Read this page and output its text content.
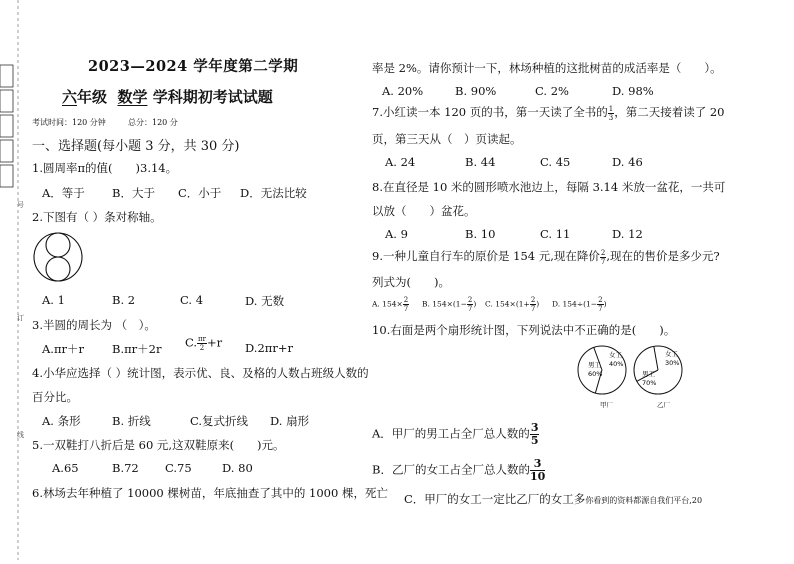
号
订
线
2023—2024 学年度第二学期
六年级 数学 学科期初考试试题
考试时间：120 分钟	总分：120 分
一、选择题(每小题 3 分，共 30 分)
1.圆周率π的值(　　)3.14。
A．等于 B．大于 C．小于 D．无法比较
2.下图有（ ）条对称轴。
A. 1	B. 2	C. 4	D. 无数
3.半圆的周长为 （　）。
A.πr＋r B.πr＋2r C. $\frac{\pi r}{2} +r$ D.2πr+r
4.小华应选择（ ）统计图，表示优、良、及格的人数占班级人数的
百分比。
A. 条形	B. 折线	C.复式折线 D. 扇形
5.一双鞋打八折后是 60 元,这双鞋原来(　　)元。
A.65	B.72 C.75	D. 80
6.林场去年种植了 10000 棵树苗，年底抽查了其中的 1000 棵，死亡
率是 2%。请你预计一下，林场种植的这批树苗的成活率是（　　）。
A. 20%	B. 90%	C. 2%	D. 98%
7.小红读一本 120 页的书，第一天读了全书的 $\frac{1}{3}$ ，第二天接着读了 20
页，第三天从（　）页读起。
A. 24	B. 44	C. 45	D. 46
8.在直径是 10 米的圆形喷水池边上，每隔 3.14 米放一盆花，一共可
以放（　　）盆花。
A. 9	B. 10	C. 11	D. 12
9.一种儿童自行车的原价是 154 元,现在降价 $\frac{2}{7}$ ,现在的售价是多少元?
列式为(　　)。
A. $154\times \frac{2}{7} B$. $154\times(1- \frac{2}{7}$ ) C. $154\times(1+ \frac{2}{7}$ ) D. $154\div(1- \frac{2}{7}$ )
10.右面是两个扇形统计图，下列说法中不正确的是(　　)。
男工
60%
女工
40%
男工
70%
女工
30%
甲厂	乙厂
A．甲厂的男工占全厂总人数的 $\frac{3}{5}$
B．乙厂的女工占全厂总人数的 $\frac{3}{10}$
C．甲厂的女工一定比乙厂的女工多你看到的资料都源自我们平台,20
